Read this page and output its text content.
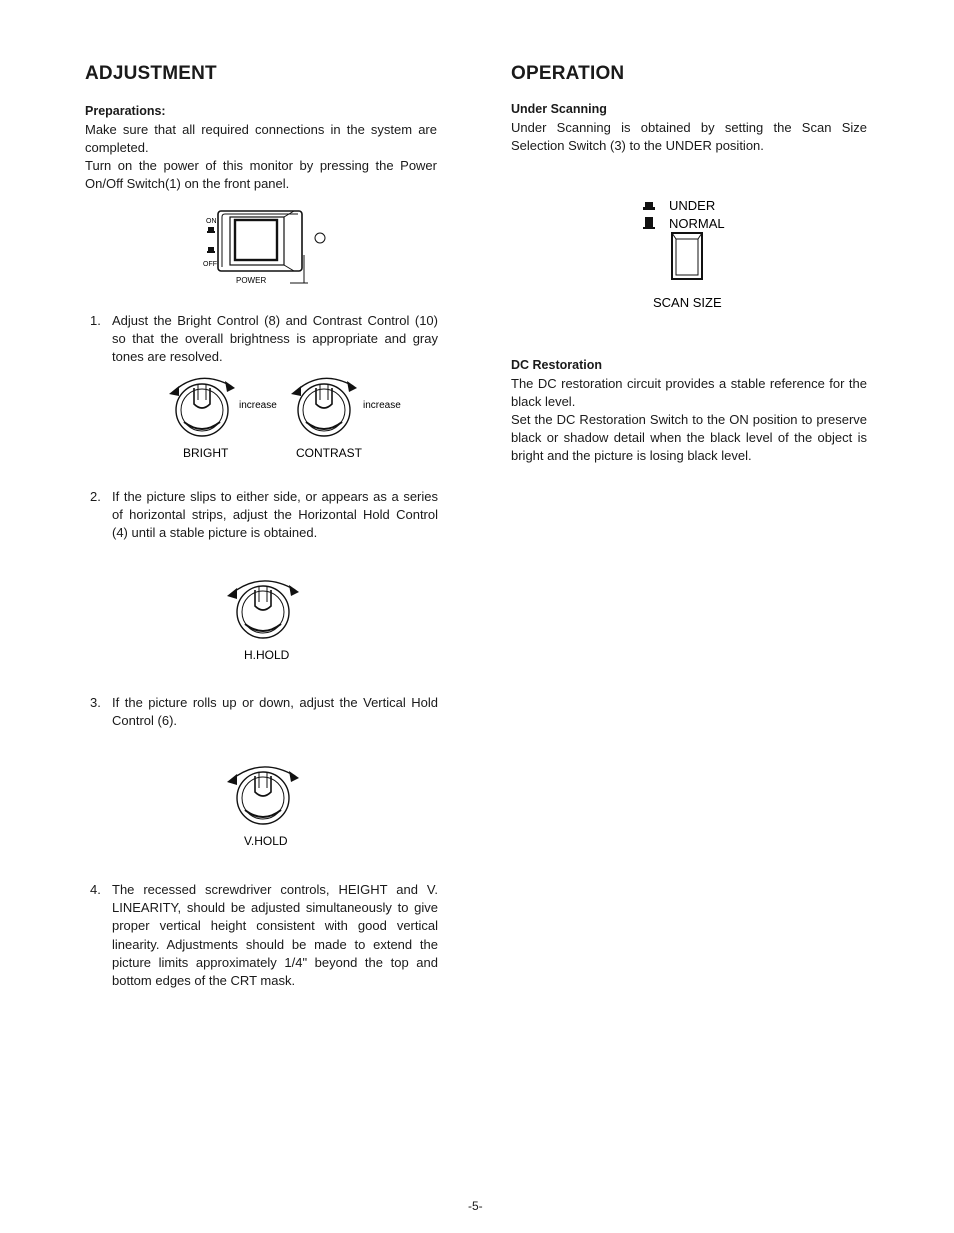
ADJUSTMENT
Preparations:

Make sure that all required connections in the system are completed.

Turn on the power of this monitor by pressing the Power On/Off Switch(1) on the front panel.

ON
OFF
POWER

1. Adjust the Bright Control (8) and Contrast Control (10) so that the overall brightness is appropriate and gray tones are resolved.

increase	increase
BRIGHT	CONTRAST

2. If the picture slips to either side, or appears as a series of horizontal strips, adjust the Horizontal Hold Control (4) until a stable picture is obtained.

H.HOLD

3. If the picture rolls up or down, adjust the Vertical Hold Control (6).

V.HOLD

4. The recessed screwdriver controls, HEIGHT and V. LINEARITY, should be adjusted simultaneously to give proper vertical height consistent with good vertical linearity. Adjustments should be made to extend the picture limits approximately 1/4" beyond the top and bottom edges of the CRT mask.

OPERATION
Under Scanning

Under Scanning is obtained by setting the Scan Size Selection Switch (3) to the UNDER position.

UNDER
NORMAL
SCAN SIZE
DC Restoration

The DC restoration circuit provides a stable reference for the black level.

Set the DC Restoration Switch to the ON position to preserve black or shadow detail when the black level of the object is bright and the picture is losing black level.

-5-
